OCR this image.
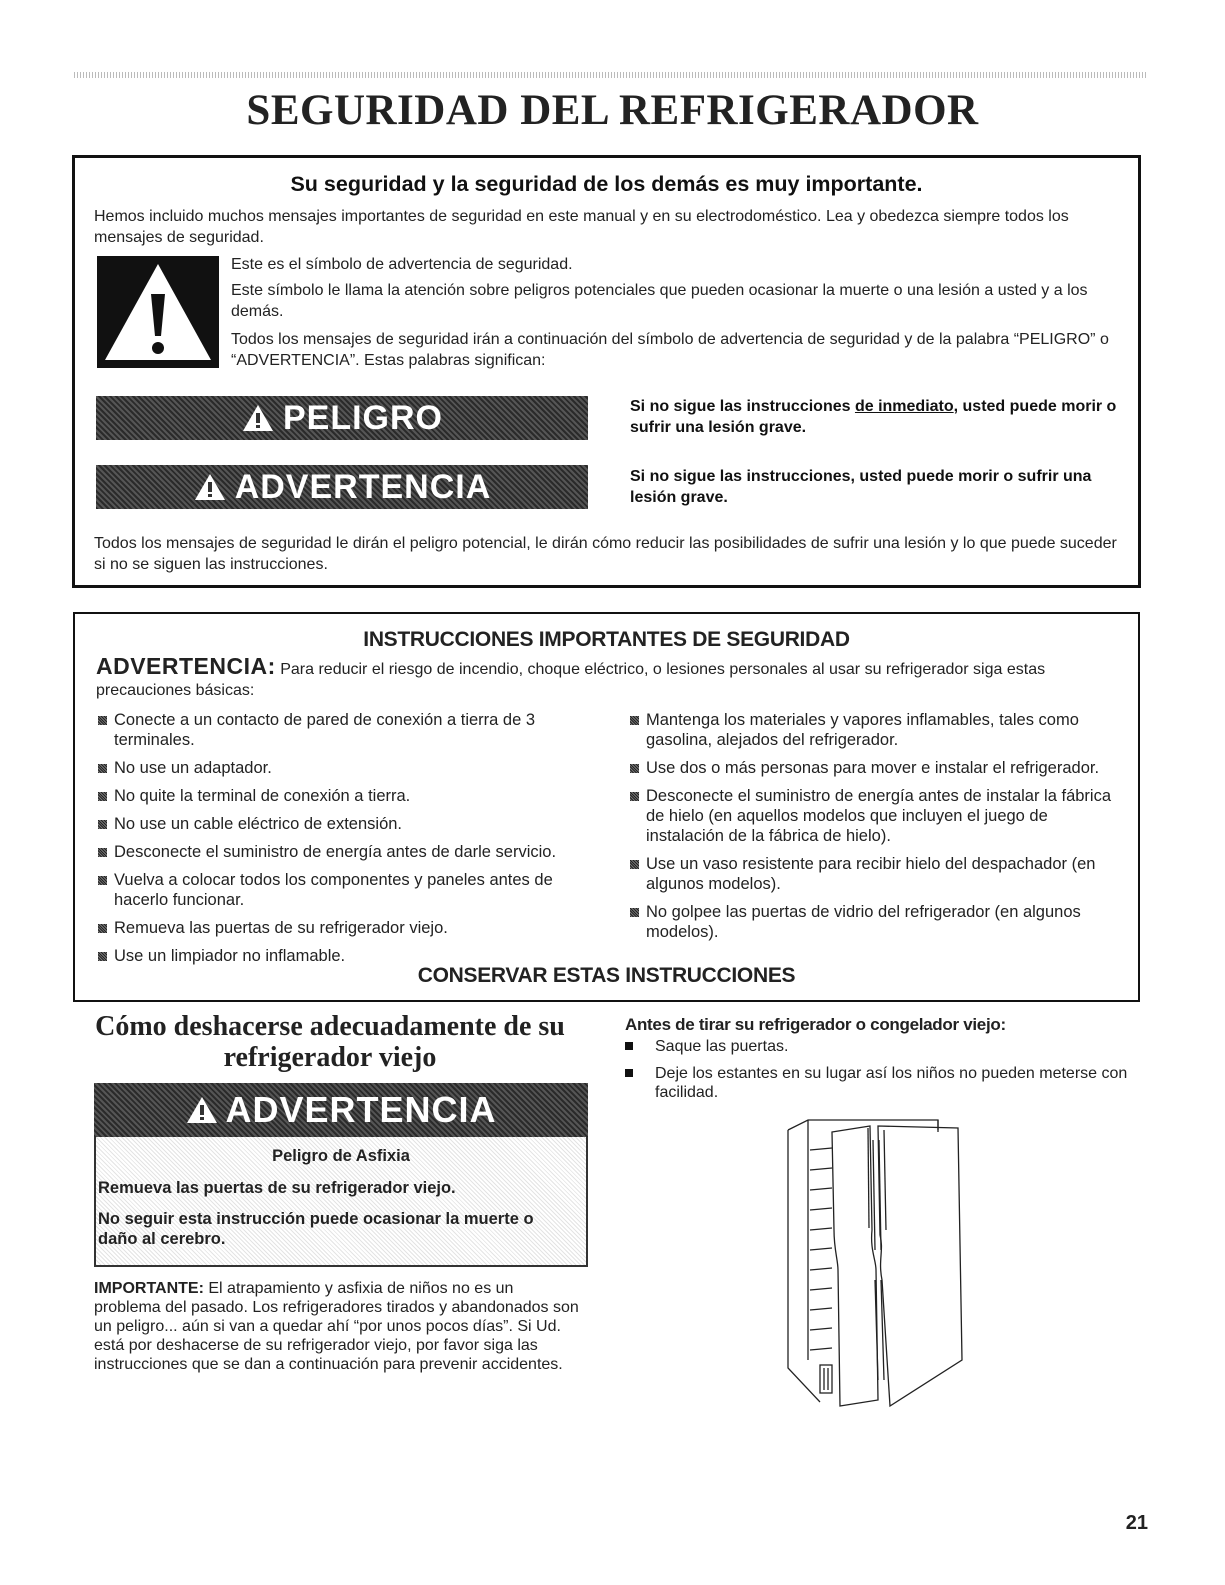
SEGURIDAD DEL REFRIGERADOR
Su seguridad y la seguridad de los demás es muy importante.
Hemos incluido muchos mensajes importantes de seguridad en este manual y en su electrodoméstico. Lea y obedezca siempre todos los mensajes de seguridad.
Este es el símbolo de advertencia de seguridad.
Este símbolo le llama la atención sobre peligros potenciales que pueden ocasionar la muerte o una lesión a usted y a los demás.
Todos los mensajes de seguridad irán a continuación del símbolo de advertencia de seguridad y de la palabra “PELIGRO” o “ADVERTENCIA”. Estas palabras significan:
PELIGRO	Si no sigue las instrucciones de inmediato, usted puede morir o sufrir una lesión grave.
ADVERTENCIA	Si no sigue las instrucciones, usted puede morir o sufrir una lesión grave.
Todos los mensajes de seguridad le dirán el peligro potencial, le dirán cómo reducir las posibilidades de sufrir una lesión y lo que puede suceder si no se siguen las instrucciones.
INSTRUCCIONES IMPORTANTES DE SEGURIDAD
ADVERTENCIA: Para reducir el riesgo de incendio, choque eléctrico, o lesiones personales al usar su refrigerador siga estas precauciones básicas:
Conecte a un contacto de pared de conexión a tierra de 3 terminales.
No use un adaptador.
No quite la terminal de conexión a tierra.
No use un cable eléctrico de extensión.
Desconecte el suministro de energía antes de darle servicio.
Vuelva a colocar todos los componentes y paneles antes de hacerlo funcionar.
Remueva las puertas de su refrigerador viejo.
Use un limpiador no inflamable.
Mantenga los materiales y vapores inflamables, tales como gasolina, alejados del refrigerador.
Use dos o más personas para mover e instalar el refrigerador.
Desconecte el suministro de energía antes de instalar la fábrica de hielo (en aquellos modelos que incluyen el juego de instalación de la fábrica de hielo).
Use un vaso resistente para recibir hielo del despachador (en algunos modelos).
No golpee las puertas de vidrio del refrigerador (en algunos modelos).
CONSERVAR ESTAS INSTRUCCIONES
Cómo deshacerse adecuadamente de su refrigerador viejo
ADVERTENCIA
Peligro de Asfixia
Remueva las puertas de su refrigerador viejo.
No seguir esta instrucción puede ocasionar la muerte o daño al cerebro.
IMPORTANTE: El atrapamiento y asfixia de niños no es un problema del pasado. Los refrigeradores tirados y abandonados son un peligro... aún si van a quedar ahí “por unos pocos días”. Si Ud. está por deshacerse de su refrigerador viejo, por favor siga las instrucciones que se dan a continuación para prevenir accidentes.
Antes de tirar su refrigerador o congelador viejo:
Saque las puertas.
Deje los estantes en su lugar así los niños no pueden meterse con facilidad.
21
